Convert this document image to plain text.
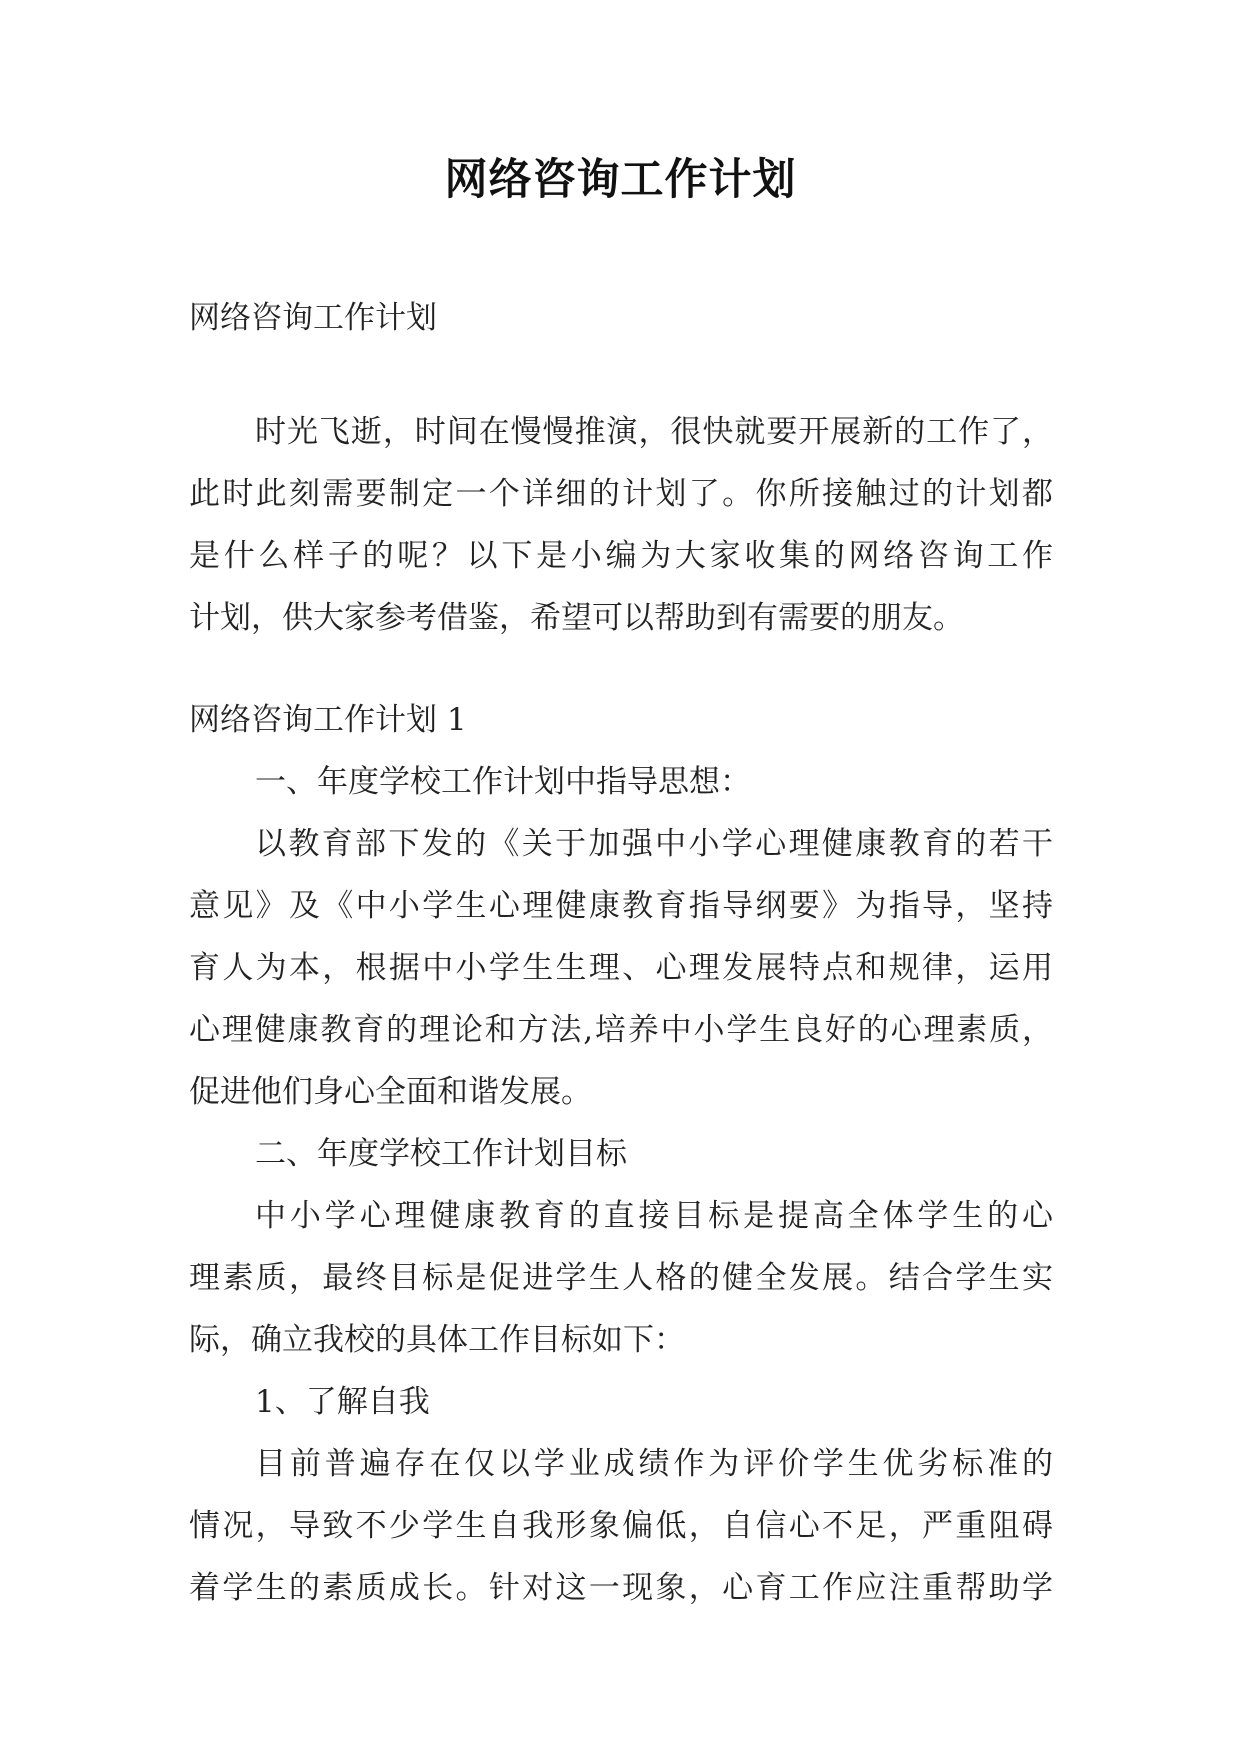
网络咨询工作计划
网络咨询工作计划
时光飞逝，时间在慢慢推演，很快就要开展新的工作了，
此时此刻需要制定一个详细的计划了。你所接触过的计划都
是什么样子的呢？以下是小编为大家收集的网络咨询工作
计划，供大家参考借鉴，希望可以帮助到有需要的朋友。
网络咨询工作计划 1
一、年度学校工作计划中指导思想：
以教育部下发的《关于加强中小学心理健康教育的若干
意见》及《中小学生心理健康教育指导纲要》为指导，坚持
育人为本，根据中小学生生理、心理发展特点和规律，运用
心理健康教育的理论和方法,培养中小学生良好的心理素质，
促进他们身心全面和谐发展。
二、年度学校工作计划目标
中小学心理健康教育的直接目标是提高全体学生的心
理素质，最终目标是促进学生人格的健全发展。结合学生实
际，确立我校的具体工作目标如下：
1、了解自我
目前普遍存在仅以学业成绩作为评价学生优劣标准的
情况，导致不少学生自我形象偏低，自信心不足，严重阻碍
着学生的素质成长。针对这一现象，心育工作应注重帮助学
